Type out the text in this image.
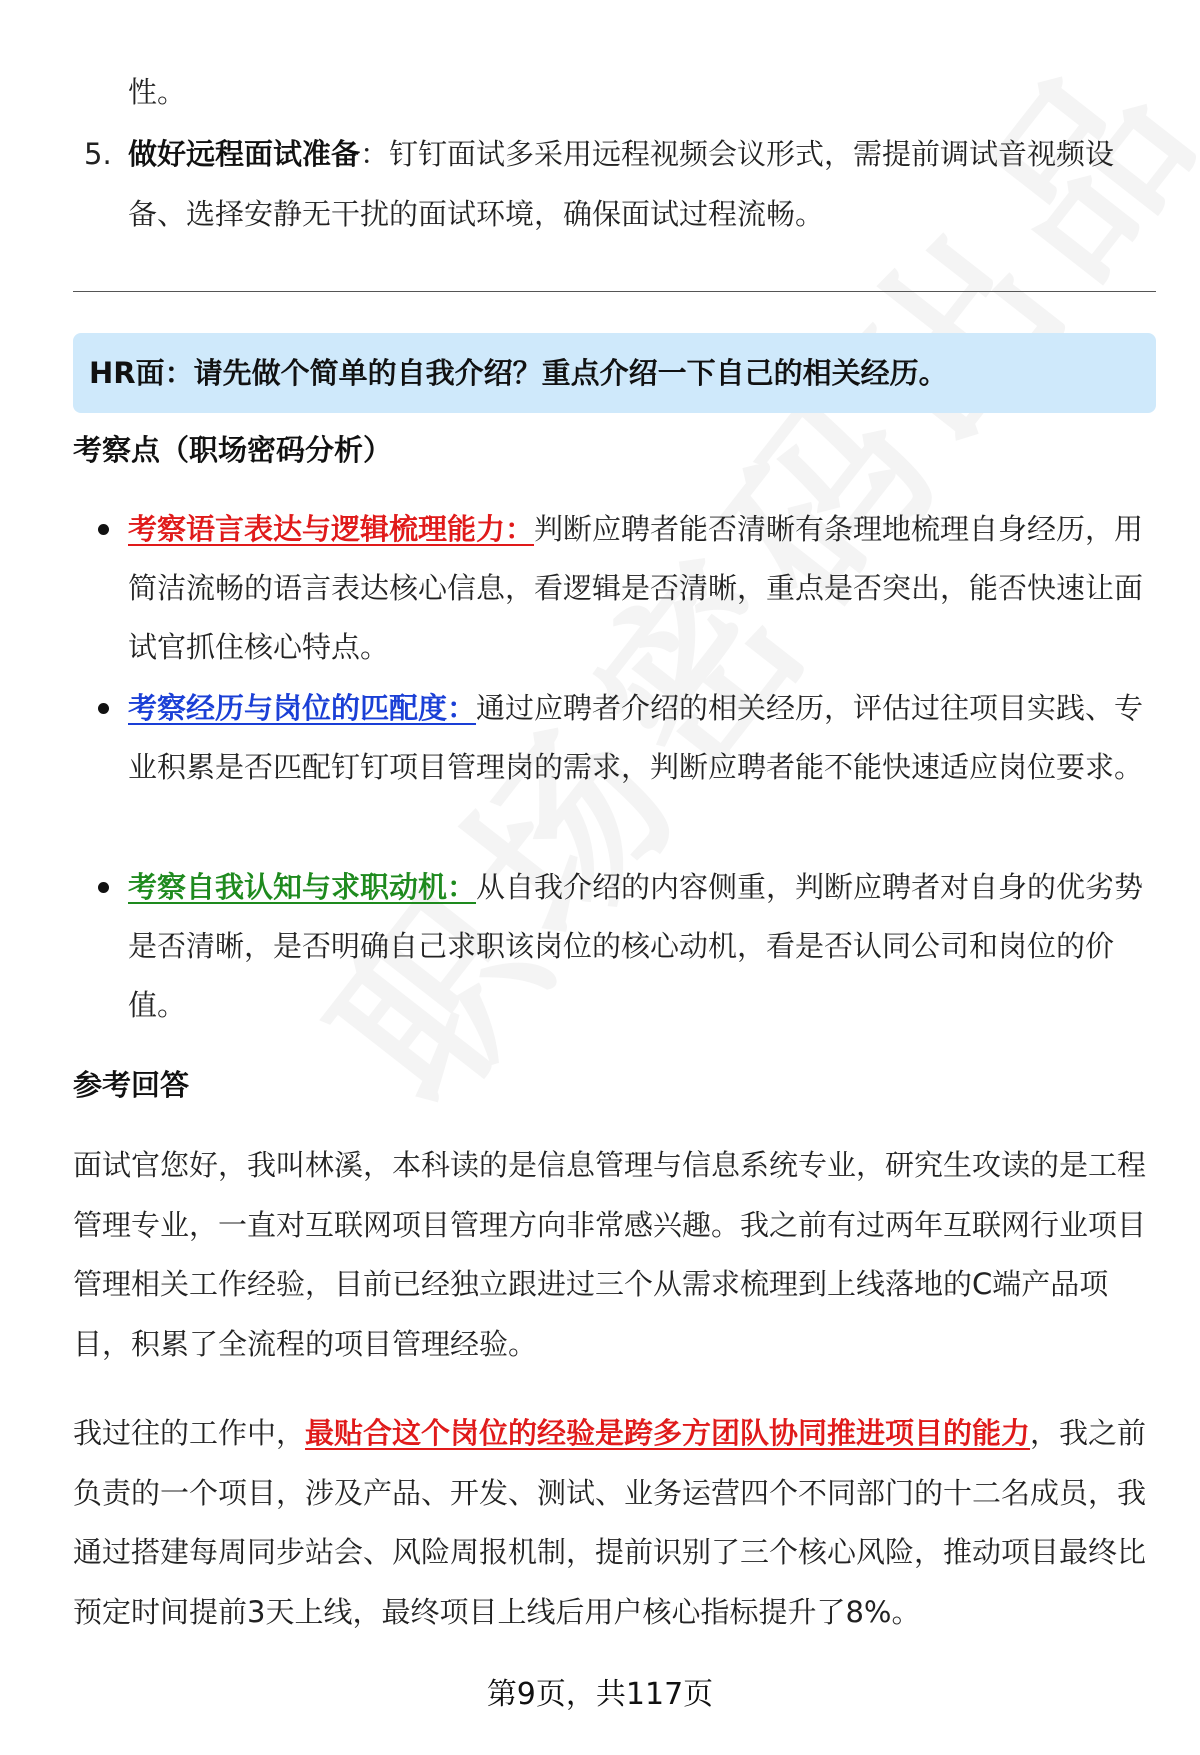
性。
5. 做好远程面试准备：钉钉面试多采用远程视频会议形式，需提前调试音视频设备、选择安静无干扰的面试环境，确保面试过程流畅。
HR面：请先做个简单的自我介绍？重点介绍一下自己的相关经历。
考察点（职场密码分析）
考察语言表达与逻辑梳理能力：判断应聘者能否清晰有条理地梳理自身经历，用简洁流畅的语言表达核心信息，看逻辑是否清晰，重点是否突出，能否快速让面试官抓住核心特点。
考察经历与岗位的匹配度：通过应聘者介绍的相关经历，评估过往项目实践、专业积累是否匹配钉钉项目管理岗的需求，判断应聘者能不能快速适应岗位要求。
考察自我认知与求职动机：从自我介绍的内容侧重，判断应聘者对自身的优劣势是否清晰，是否明确自己求职该岗位的核心动机，看是否认同公司和岗位的价值。
参考回答
面试官您好，我叫林溪，本科读的是信息管理与信息系统专业，研究生攻读的是工程管理专业，一直对互联网项目管理方向非常感兴趣。我之前有过两年互联网行业项目管理相关工作经验，目前已经独立跟进过三个从需求梳理到上线落地的C端产品项目，积累了全流程的项目管理经验。
我过往的工作中，最贴合这个岗位的经验是跨多方团队协同推进项目的能力，我之前负责的一个项目，涉及产品、开发、测试、业务运营四个不同部门的十二名成员，我通过搭建每周同步站会、风险周报机制，提前识别了三个核心风险，推动项目最终比预定时间提前3天上线，最终项目上线后用户核心指标提升了8%。
第9页，共117页
